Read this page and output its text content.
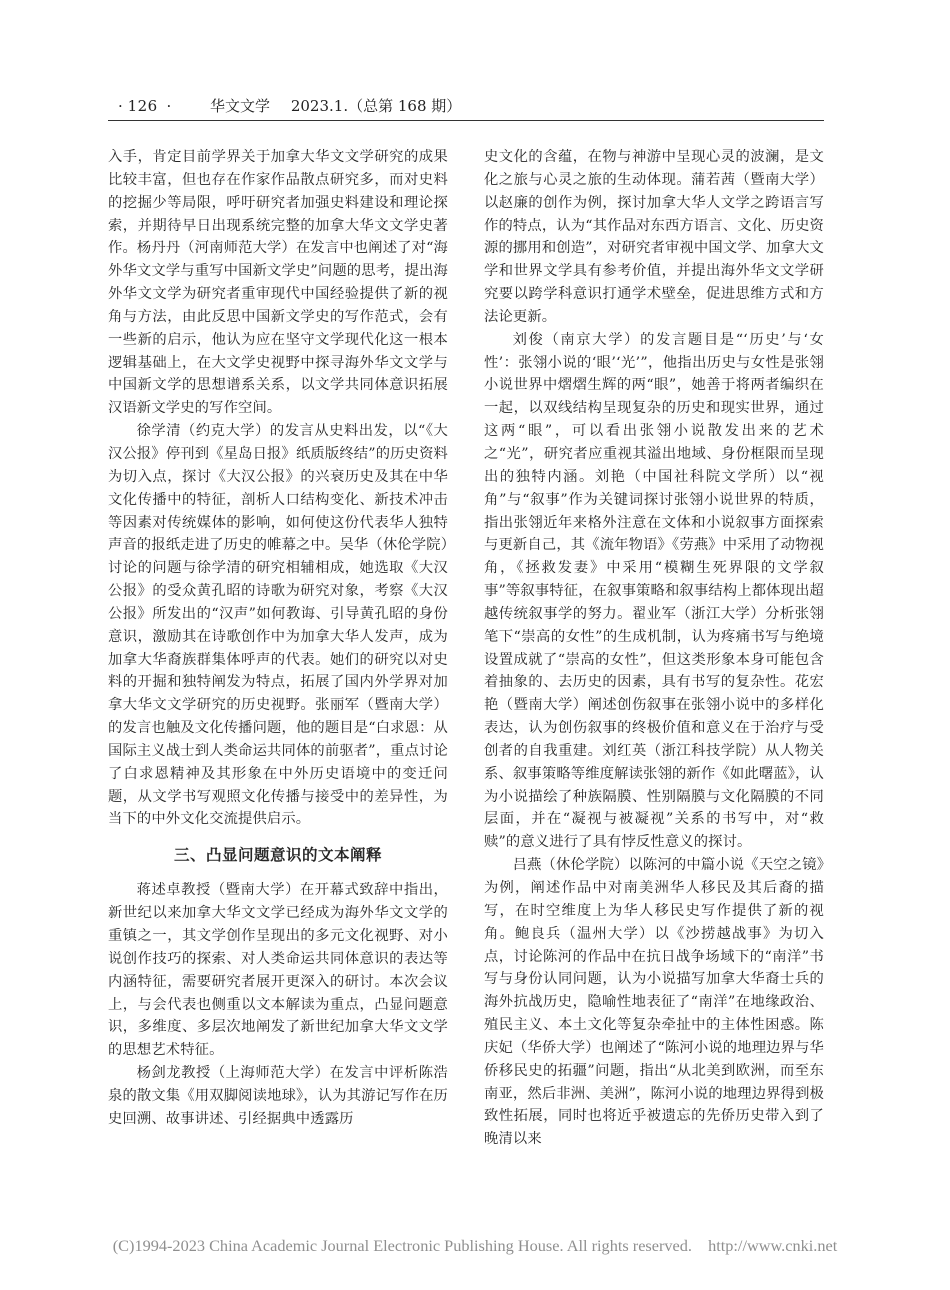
· 126 ·	华文文学 2023.1.（总第 168 期）

入手，肯定目前学界关于加拿大华文文学研究的成果比较丰富，但也存在作家作品散点研究多，而对史料的挖掘少等局限，呼吁研究者加强史料建设和理论探索，并期待早日出现系统完整的加拿大华文文学史著作。杨丹丹（河南师范大学）在发言中也阐述了对“海外华文文学与重写中国新文学史”问题的思考，提出海外华文文学为研究者重审现代中国经验提供了新的视角与方法，由此反思中国新文学史的写作范式，会有一些新的启示，他认为应在坚守文学现代化这一根本逻辑基础上，在大文学史视野中探寻海外华文文学与中国新文学的思想谱系关系，以文学共同体意识拓展汉语新文学史的写作空间。

徐学清（约克大学）的发言从史料出发，以“《大汉公报》停刊到《星岛日报》纸质版终结”的历史资料为切入点，探讨《大汉公报》的兴衰历史及其在中华文化传播中的特征，剖析人口结构变化、新技术冲击等因素对传统媒体的影响，如何使这份代表华人独特声音的报纸走进了历史的帷幕之中。吴华（休伦学院）讨论的问题与徐学清的研究相辅相成，她选取《大汉公报》的受众黄孔昭的诗歌为研究对象，考察《大汉公报》所发出的“汉声”如何教诲、引导黄孔昭的身份意识，激励其在诗歌创作中为加拿大华人发声，成为加拿大华裔族群集体呼声的代表。她们的研究以对史料的开掘和独特阐发为特点，拓展了国内外学界对加拿大华文文学研究的历史视野。张丽军（暨南大学）的发言也触及文化传播问题，他的题目是“白求恩：从国际主义战士到人类命运共同体的前驱者”，重点讨论了白求恩精神及其形象在中外历史语境中的变迁问题，从文学书写观照文化传播与接受中的差异性，为当下的中外文化交流提供启示。

三、凸显问题意识的文本阐释

蒋述卓教授（暨南大学）在开幕式致辞中指出，新世纪以来加拿大华文文学已经成为海外华文文学的重镇之一，其文学创作呈现出的多元文化视野、对小说创作技巧的探索、对人类命运共同体意识的表达等内涵特征，需要研究者展开更深入的研讨。本次会议上，与会代表也侧重以文本解读为重点，凸显问题意识，多维度、多层次地阐发了新世纪加拿大华文文学的思想艺术特征。

杨剑龙教授（上海师范大学）在发言中评析陈浩泉的散文集《用双脚阅读地球》，认为其游记写作在历史回溯、故事讲述、引经据典中透露历

史文化的含蕴，在物与神游中呈现心灵的波澜，是文化之旅与心灵之旅的生动体现。蒲若茜（暨南大学）以赵廉的创作为例，探讨加拿大华人文学之跨语言写作的特点，认为“其作品对东西方语言、文化、历史资源的挪用和创造”，对研究者审视中国文学、加拿大文学和世界文学具有参考价值，并提出海外华文文学研究要以跨学科意识打通学术壁垒，促进思维方式和方法论更新。

刘俊（南京大学）的发言题目是“‘历史’与‘女性’：张翎小说的‘眼’‘光’”，他指出历史与女性是张翎小说世界中熠熠生辉的两“眼”，她善于将两者编织在一起，以双线结构呈现复杂的历史和现实世界，通过这两“眼”，可以看出张翎小说散发出来的艺术之“光”，研究者应重视其溢出地域、身份框限而呈现出的独特内涵。刘艳（中国社科院文学所）以“视角”与“叙事”作为关键词探讨张翎小说世界的特质，指出张翎近年来格外注意在文体和小说叙事方面探索与更新自己，其《流年物语》《劳燕》中采用了动物视角，《拯救发妻》中采用“模糊生死界限的文学叙事”等叙事特征，在叙事策略和叙事结构上都体现出超越传统叙事学的努力。翟业军（浙江大学）分析张翎笔下“崇高的女性”的生成机制，认为疼痛书写与绝境设置成就了“崇高的女性”，但这类形象本身可能包含着抽象的、去历史的因素，具有书写的复杂性。花宏艳（暨南大学）阐述创伤叙事在张翎小说中的多样化表达，认为创伤叙事的终极价值和意义在于治疗与受创者的自我重建。刘红英（浙江科技学院）从人物关系、叙事策略等维度解读张翎的新作《如此曙蓝》，认为小说描绘了种族隔膜、性别隔膜与文化隔膜的不同层面，并在“凝视与被凝视”关系的书写中，对“救赎”的意义进行了具有悖反性意义的探讨。

吕燕（休伦学院）以陈河的中篇小说《天空之镜》为例，阐述作品中对南美洲华人移民及其后裔的描写，在时空维度上为华人移民史写作提供了新的视角。鲍良兵（温州大学）以《沙捞越战事》为切入点，讨论陈河的作品中在抗日战争场域下的“南洋”书写与身份认同问题，认为小说描写加拿大华裔士兵的海外抗战历史，隐喻性地表征了“南洋”在地缘政治、殖民主义、本土文化等复杂牵扯中的主体性困惑。陈庆妃（华侨大学）也阐述了“陈河小说的地理边界与华侨移民史的拓疆”问题，指出“从北美到欧洲，而至东南亚，然后非洲、美洲”，陈河小说的地理边界得到极致性拓展，同时也将近乎被遗忘的先侨历史带入到了晚清以来

(C)1994-2023 China Academic Journal Electronic Publishing House. All rights reserved. http://www.cnki.net
